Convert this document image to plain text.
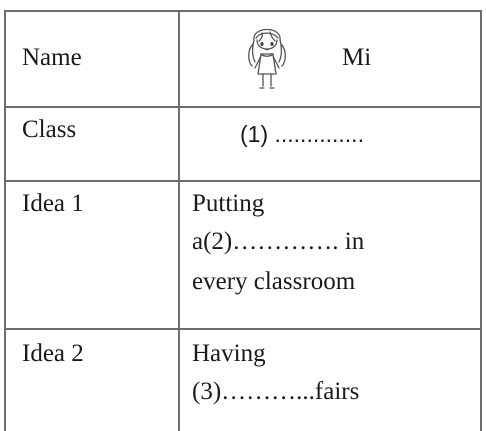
Name	Mi
Class	(1) ..............
Idea 1	Putting
a(2)…………. in
every classroom
Idea 2	Having
(3)………...fairs
